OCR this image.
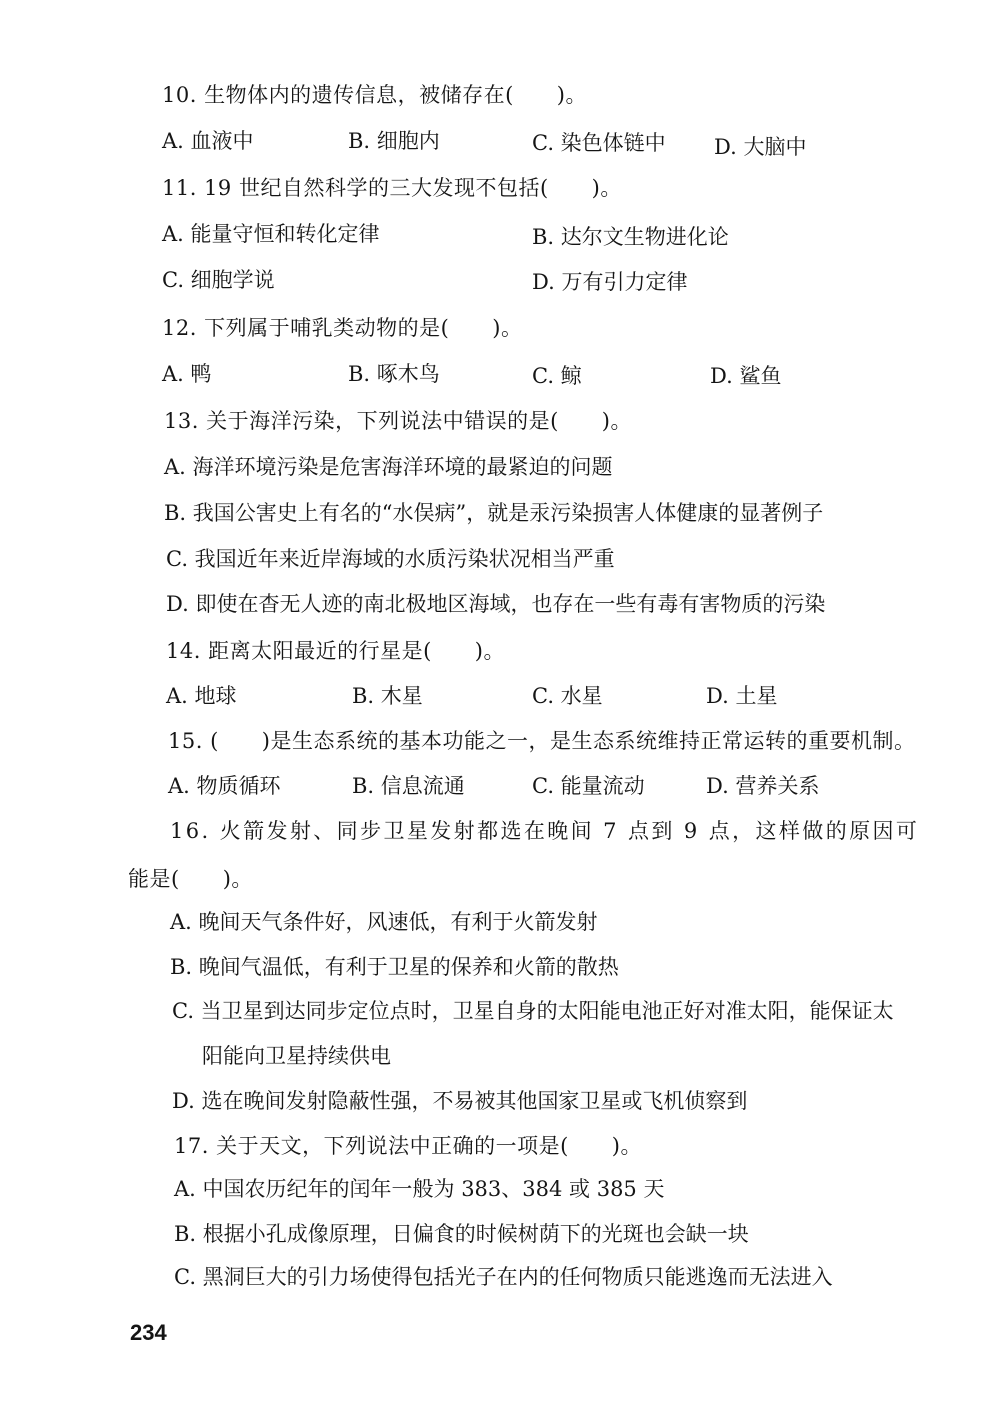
10. 生物体内的遗传信息，被储存在(　　)。
A. 血液中	B. 细胞内	C. 染色体链中 D. 大脑中
11. 19 世纪自然科学的三大发现不包括(　　)。
A. 能量守恒和转化定律	B. 达尔文生物进化论
C. 细胞学说	D. 万有引力定律
12. 下列属于哺乳类动物的是(　　)。
A. 鸭	B. 啄木鸟	C. 鲸	D. 鲨鱼
13. 关于海洋污染，下列说法中错误的是(　　)。
A. 海洋环境污染是危害海洋环境的最紧迫的问题
B. 我国公害史上有名的“水俣病”，就是汞污染损害人体健康的显著例子
C. 我国近年来近岸海域的水质污染状况相当严重
D. 即使在杳无人迹的南北极地区海域，也存在一些有毒有害物质的污染
14. 距离太阳最近的行星是(　　)。
A. 地球	B. 木星	C. 水星	D. 土星
15. (　　)是生态系统的基本功能之一，是生态系统维持正常运转的重要机制。
A. 物质循环	B. 信息流通	C. 能量流动	D. 营养关系
16. 火箭发射、同步卫星发射都选在晚间 7 点到 9 点，这样做的原因可
能是(　　)。
A. 晚间天气条件好，风速低，有利于火箭发射
B. 晚间气温低，有利于卫星的保养和火箭的散热
C. 当卫星到达同步定位点时，卫星自身的太阳能电池正好对准太阳，能保证太
阳能向卫星持续供电
D. 选在晚间发射隐蔽性强，不易被其他国家卫星或飞机侦察到
17. 关于天文，下列说法中正确的一项是(　　)。
A. 中国农历纪年的闰年一般为 383、384 或 385 天
B. 根据小孔成像原理，日偏食的时候树荫下的光斑也会缺一块
C. 黑洞巨大的引力场使得包括光子在内的任何物质只能逃逸而无法进入
234
